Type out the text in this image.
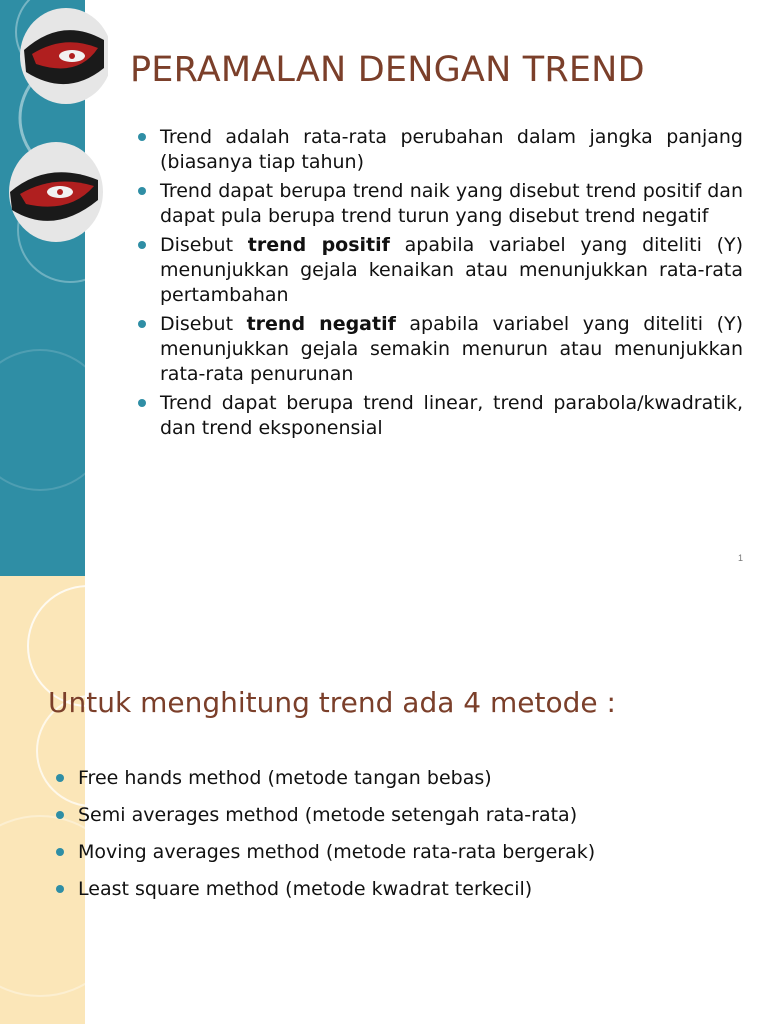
PERAMALAN DENGAN TREND
Trend adalah rata-rata perubahan dalam jangka panjang (biasanya tiap tahun)
Trend dapat berupa trend naik yang disebut trend positif dan dapat pula berupa trend turun yang disebut trend negatif
Disebut trend positif apabila variabel yang diteliti (Y) menunjukkan gejala kenaikan atau menunjukkan rata-rata pertambahan
Disebut trend negatif apabila variabel yang diteliti (Y) menunjukkan gejala semakin menurun atau menunjukkan rata-rata penurunan
Trend dapat berupa trend linear, trend parabola/kwadratik, dan trend eksponensial
1
Untuk menghitung trend ada 4 metode :
Free hands method (metode tangan bebas)
Semi averages method (metode setengah rata-rata)
Moving averages method (metode rata-rata bergerak)
Least square method (metode kwadrat terkecil)
